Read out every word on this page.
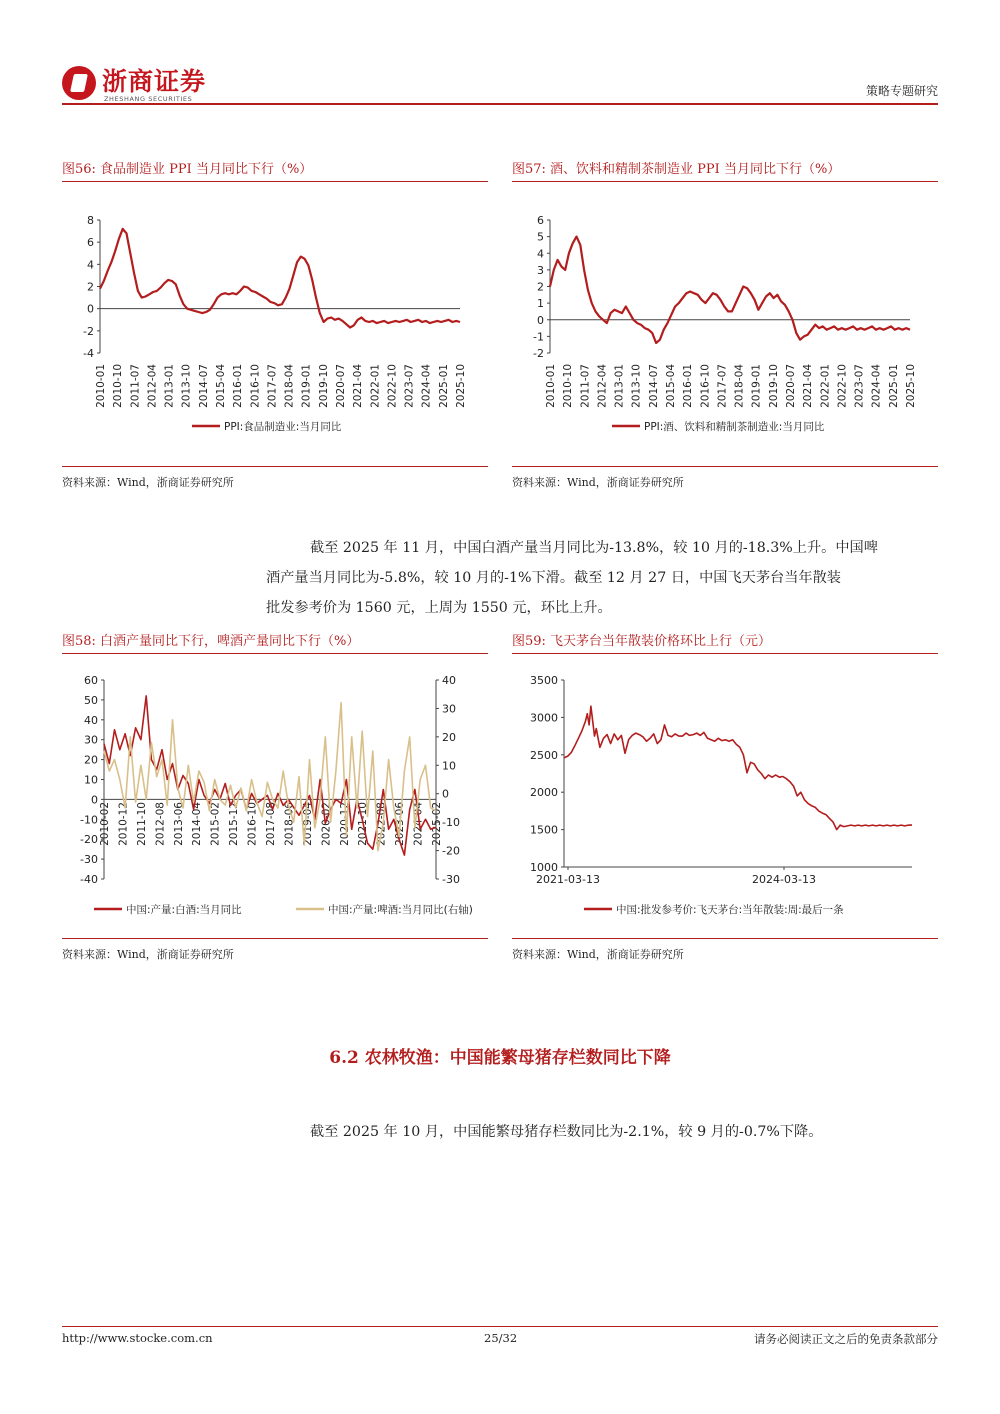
浙商证券
ZHESHANG SECURITIES
策略专题研究
图56: 食品制造业 PPI 当月同比下行（%）
8
6
4
2
0
-2
-4
2010-01 2010-10 2011-07 2012-04 2013-01 2013-10 2014-07 2015-04 2016-01 2016-10 2017-07 2018-04 2019-01 2019-10 2020-07 2021-04 2022-01 2022-10 2023-07 2024-04 2025-01 2025-10
PPI:食品制造业:当月同比
资料来源：Wind，浙商证券研究所
图57: 酒、饮料和精制茶制造业 PPI 当月同比下行（%）
6
5
4
3
2
1
0
-1
-2
2010-01 2010-10 2011-07 2012-04 2013-01 2013-10 2014-07 2015-04 2016-01 2016-10 2017-07 2018-04 2019-01 2019-10 2020-07 2021-04 2022-01 2022-10 2023-07 2024-04 2025-01 2025-10
PPI:酒、饮料和精制茶制造业:当月同比
资料来源：Wind，浙商证券研究所
截至 2025 年 11 月，中国白酒产量当月同比为-13.8%，较 10 月的-18.3%上升。中国啤
酒产量当月同比为-5.8%，较 10 月的-1%下滑。截至 12 月 27 日，中国飞天茅台当年散装
批发参考价为 1560 元，上周为 1550 元，环比上升。
图58: 白酒产量同比下行，啤酒产量同比下行（%）
60
50
40
30
20
10
0
-10
-20
-30
-40
40
30
20
10
0
-10
-20
-30
2010-02 2010-12 2011-10 2012-08 2013-06 2014-04 2015-02 2015-12 2016-10 2017-08 2018-06 2019-04 2020-02 2020-12 2021-10 2022-08 2023-06 2024-04 2025-02
中国:产量:白酒:当月同比	中国:产量:啤酒:当月同比(右轴)
资料来源：Wind，浙商证券研究所
图59: 飞天茅台当年散装价格环比上行（元）
3500
3000
2500
2000
1500
1000
2021-03-13	2024-03-13
中国:批发参考价:飞天茅台:当年散装:周:最后一条
资料来源：Wind，浙商证券研究所
6.2 农林牧渔：中国能繁母猪存栏数同比下降
截至 2025 年 10 月，中国能繁母猪存栏数同比为-2.1%，较 9 月的-0.7%下降。
http://www.stocke.com.cn	25/32	请务必阅读正文之后的免责条款部分
